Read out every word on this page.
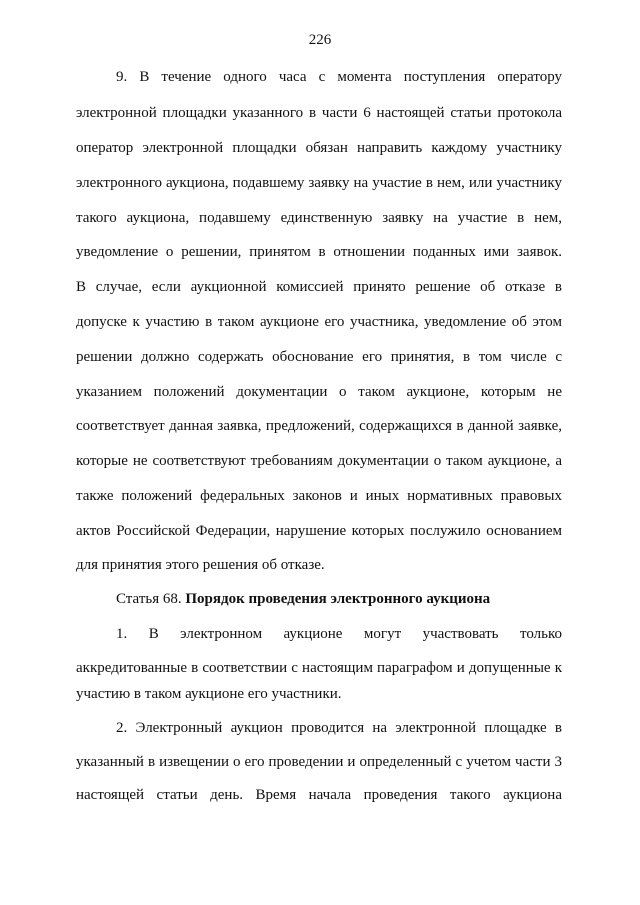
226
9. В течение одного часа с момента поступления оператору
электронной площадки указанного в части 6 настоящей статьи протокола
оператор электронной площадки обязан направить каждому участнику
электронного аукциона, подавшему заявку на участие в нем, или участнику
такого аукциона, подавшему единственную заявку на участие в нем,
уведомление о решении, принятом в отношении поданных ими заявок.
В случае, если аукционной комиссией принято решение об отказе в
допуске к участию в таком аукционе его участника, уведомление об этом
решении должно содержать обоснование его принятия, в том числе с
указанием положений документации о таком аукционе, которым не
соответствует данная заявка, предложений, содержащихся в данной заявке,
которые не соответствуют требованиям документации о таком аукционе, а
также положений федеральных законов и иных нормативных правовых
актов Российской Федерации, нарушение которых послужило основанием
для принятия этого решения об отказе.
Статья 68. Порядок проведения электронного аукциона
1. В электронном аукционе могут участвовать только
аккредитованные в соответствии с настоящим параграфом и допущенные к
участию в таком аукционе его участники.
2. Электронный аукцион проводится на электронной площадке в
указанный в извещении о его проведении и определенный с учетом части 3
настоящей статьи день. Время начала проведения такого аукциона
